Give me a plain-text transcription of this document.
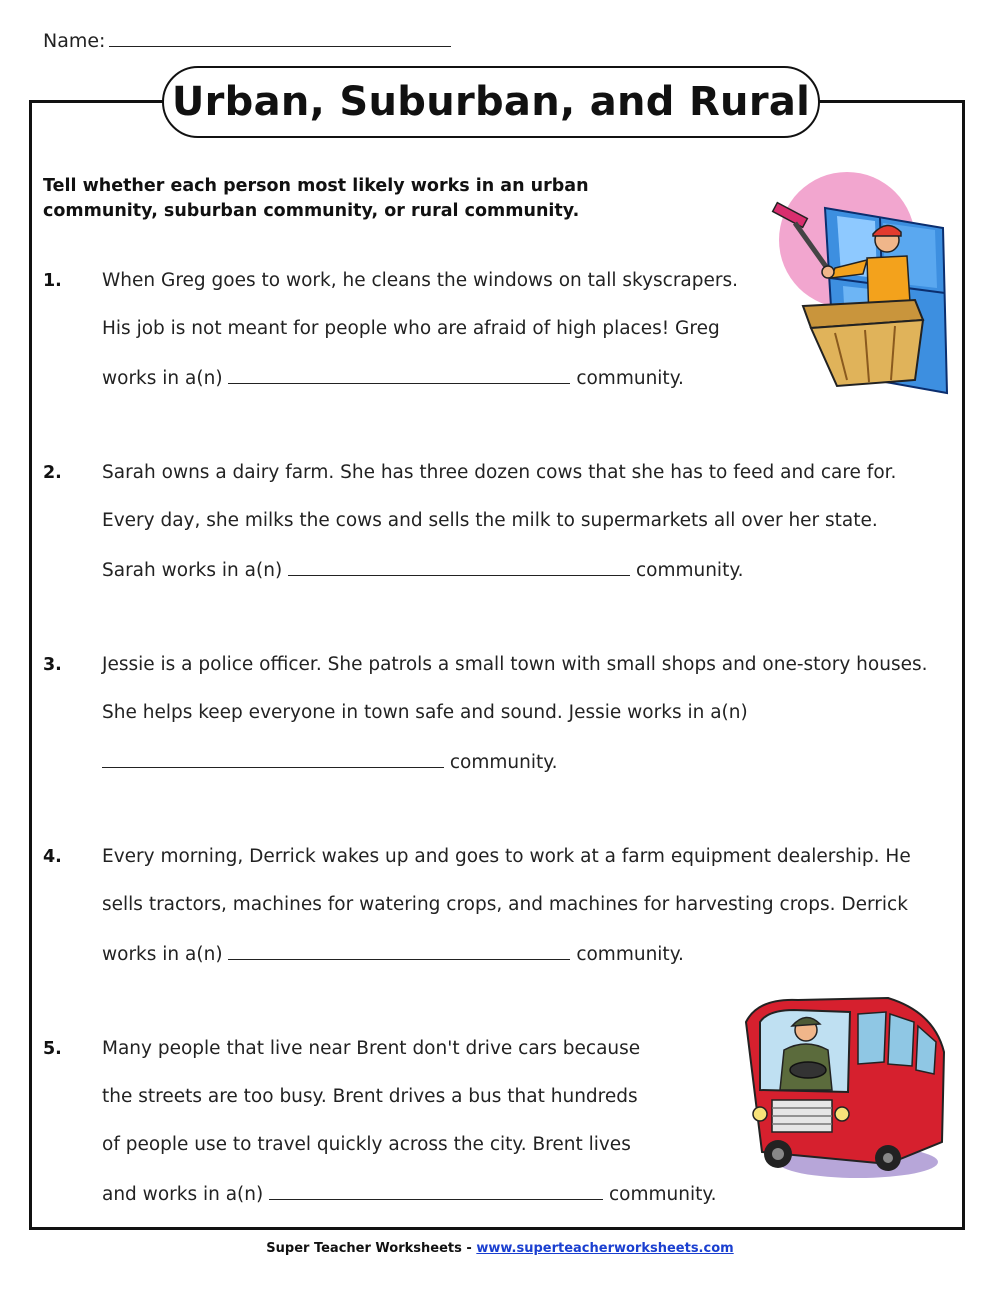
Name:
Urban, Suburban, and Rural
Tell whether each person most likely works in an urban community, suburban community, or rural community.
1. When Greg goes to work, he cleans the windows on tall skyscrapers.
His job is not meant for people who are afraid of high places! Greg
works in a(n)	community.
2. Sarah owns a dairy farm. She has three dozen cows that she has to feed and care for.
Every day, she milks the cows and sells the milk to supermarkets all over her state.
Sarah works in a(n)	community.
3. Jessie is a police officer. She patrols a small town with small shops and one-story houses.
She helps keep everyone in town safe and sound. Jessie works in a(n)
community.
4. Every morning, Derrick wakes up and goes to work at a farm equipment dealership. He
sells tractors, machines for watering crops, and machines for harvesting crops. Derrick
works in a(n)	community.
5. Many people that live near Brent don't drive cars because
the streets are too busy. Brent drives a bus that hundreds
of people use to travel quickly across the city. Brent lives
and works in a(n)	community.
Super Teacher Worksheets - www.superteacherworksheets.com
